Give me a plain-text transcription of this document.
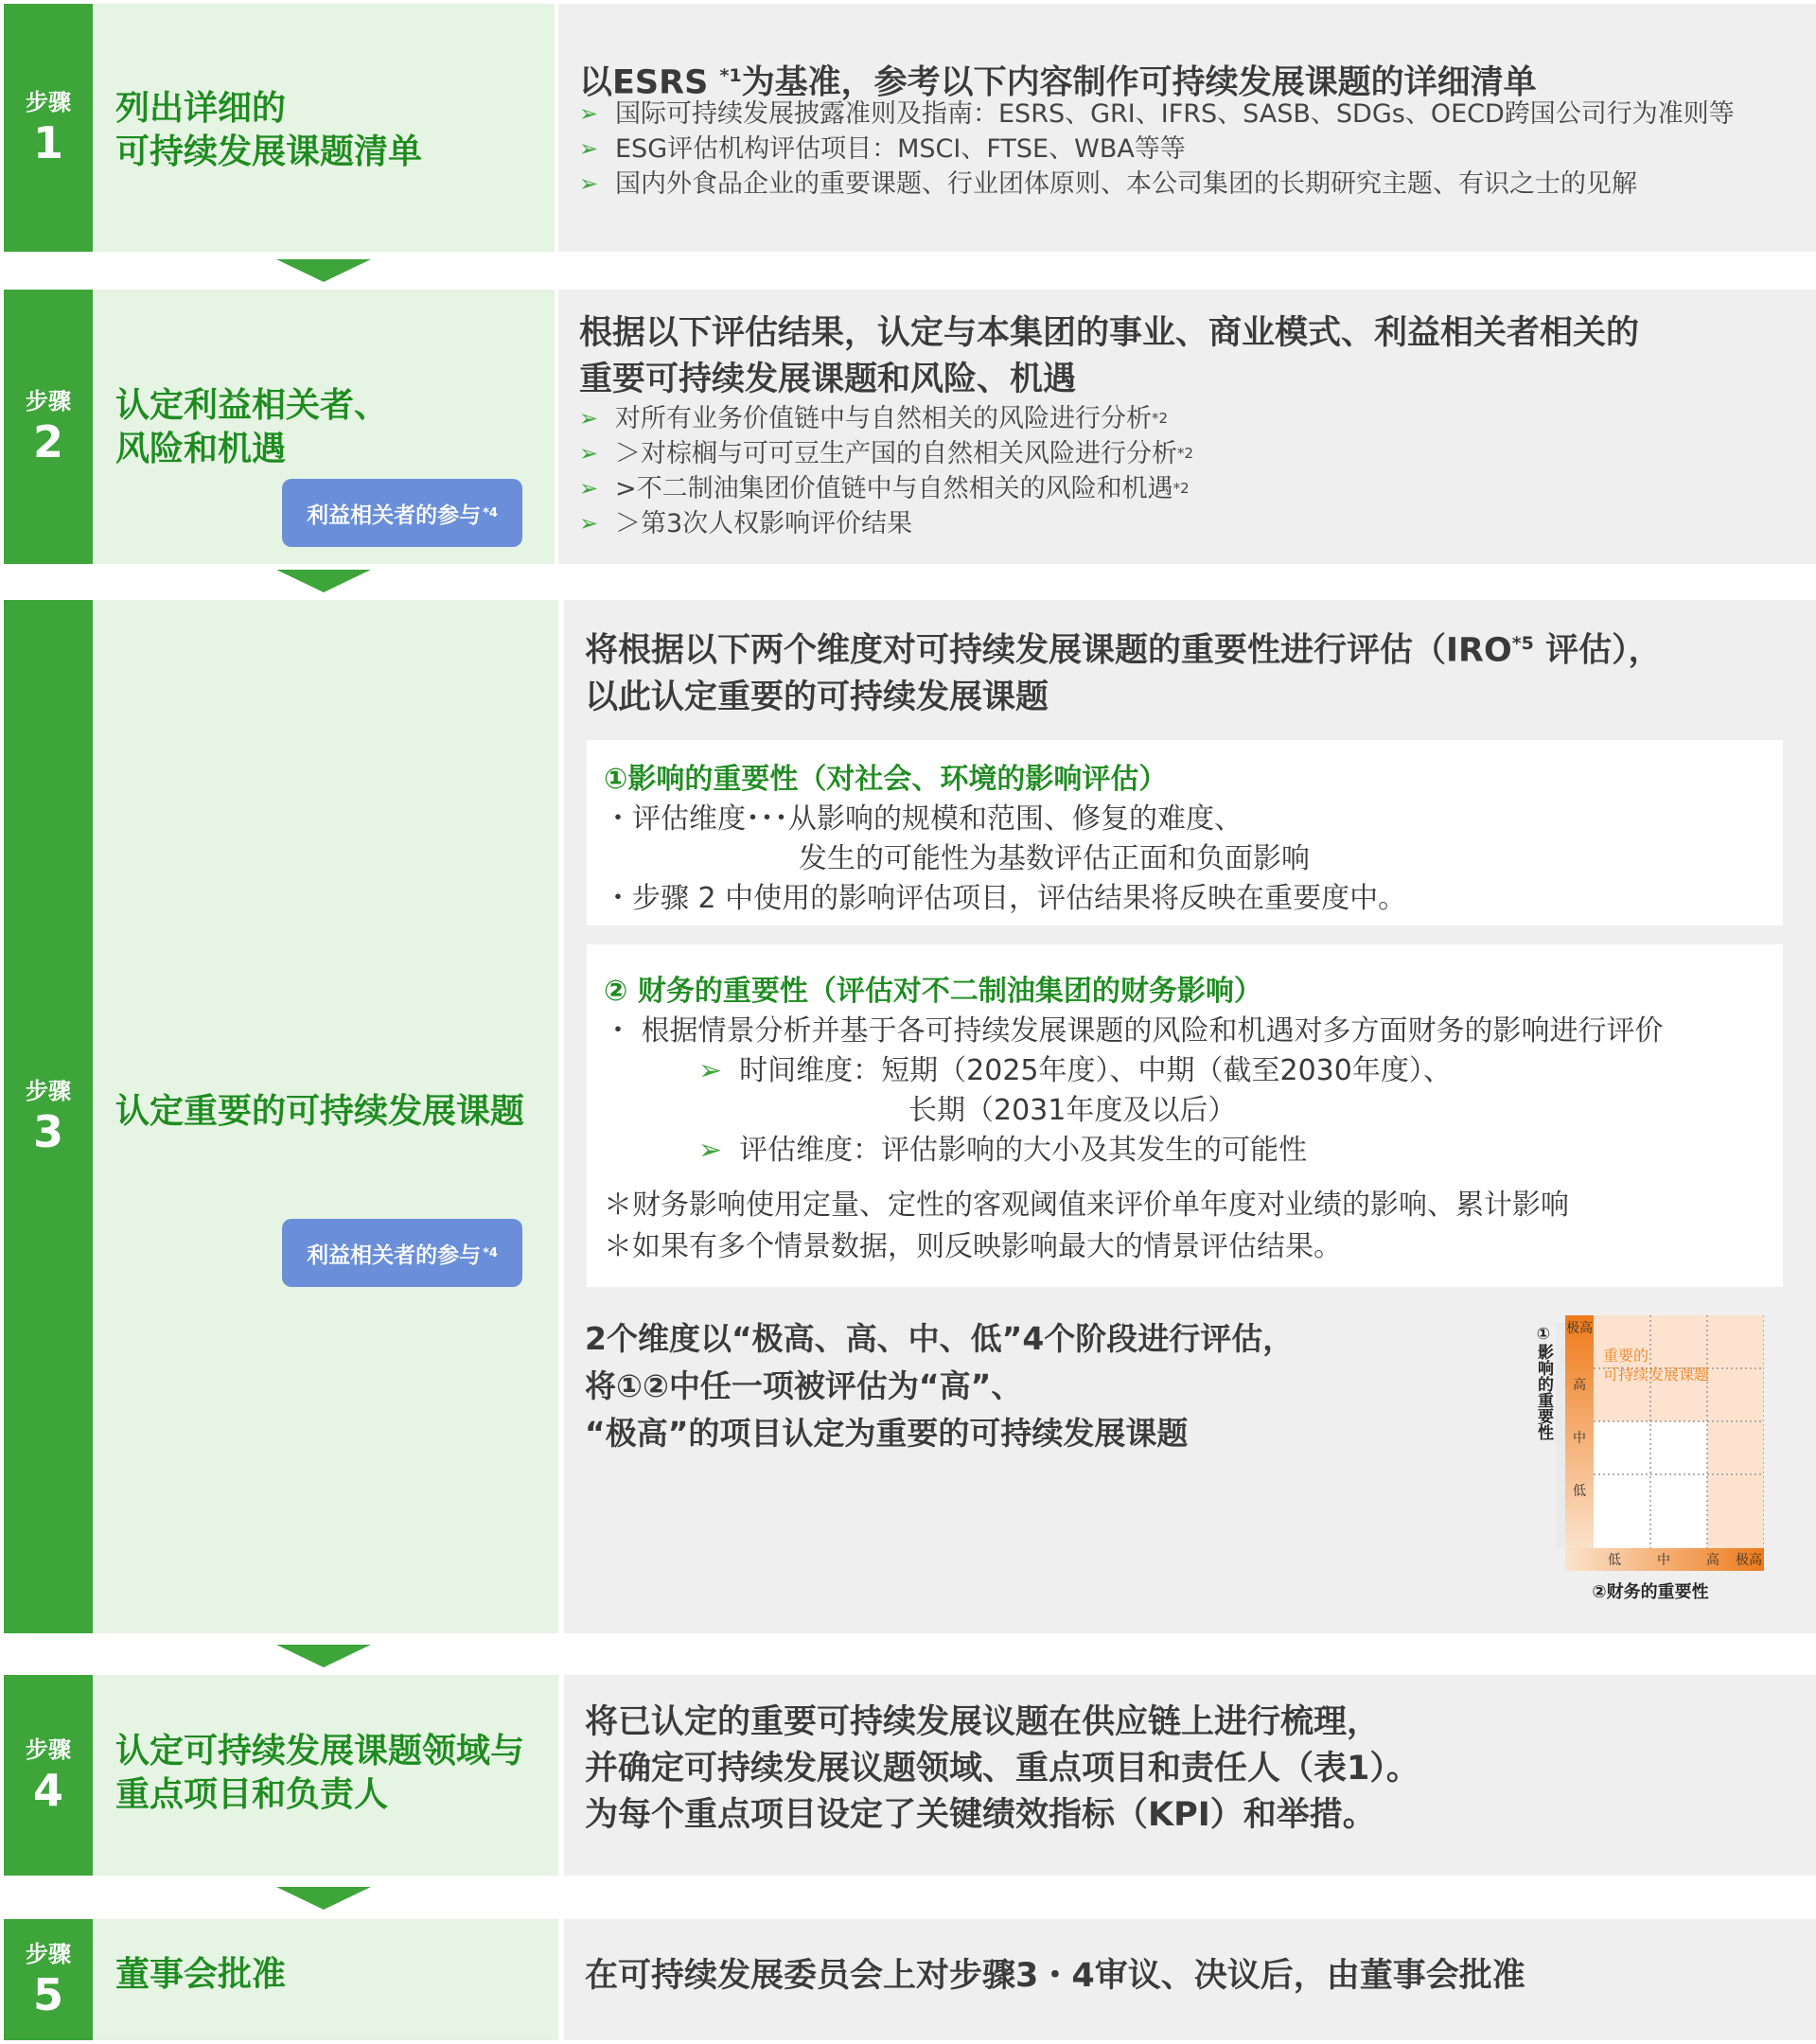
步骤
1
列出详细的
可持续发展课题清单
以ESRS $^{*1}$为基准，参考以下内容制作可持续发展课题的详细清单
➢ 国际可持续发展披露准则及指南：ESRS、GRI、IFRS、SASB、SDGs、OECD跨国公司行为准则等
➢ ESG评估机构评估项目：MSCI、FTSE、WBA等等
➢ 国内外食品企业的重要课题、行业团体原则、本公司集团的长期研究主题、有识之士的见解
步骤
2
认定利益相关者、
风险和机遇
利益相关者的参与 *4
根据以下评估结果，认定与本集团的事业、商业模式、利益相关者相关的
重要可持续发展课题和风险、机遇
➢ 对所有业务价值链中与自然相关的风险进行分析 *2
➢ ＞对棕榈与可可豆生产国的自然相关风险进行分析 *2
➢ >不二制油集团价值链中与自然相关的风险和机遇 *2
➢ ＞第3次人权影响评价结果
步骤
3 认定重要的可持续发展课题
利益相关者的参与 *4
将根据以下两个维度对可持续发展课题的重要性进行评估（IRO$^{*5}$ 评估），
以此认定重要的可持续发展课题
①影响的重要性（对社会、环境的影响评估）
・评估维度･･･从影响的规模和范围、修复的难度、
发生的可能性为基数评估正面和负面影响
・步骤 2 中使用的影响评估项目，评估结果将反映在重要度中。
② 财务的重要性（评估对不二制油集团的财务影响）
・ 根据情景分析并基于各可持续发展课题的风险和机遇对多方面财务的影响进行评价
➢ 时间维度：短期（2025年度）、中期（截至2030年度）、
长期（2031年度及以后）
➢ 评估维度：评估影响的大小及其发生的可能性
＊财务影响使用定量、定性的客观阈值来评价单年度对业绩的影响、累计影响
＊如果有多个情景数据，则反映影响最大的情景评估结果。
2个维度以“极高、高、中、低”4个阶段进行评估，
将①②中任一项被评估为“高”、
“极高”的项目认定为重要的可持续发展课题
重要的
可持续发展课题
极高
高
中
低
低	中	高 极高
①影响的重要性
②财务的重要性
步骤
4
认定可持续发展课题领域与
重点项目和负责人
将已认定的重要可持续发展议题在供应链上进行梳理，
并确定可持续发展议题领域、重点项目和责任人（表1）。
为每个重点项目设定了关键绩效指标（KPI）和举措。
步骤
5 董事会批准	在可持续发展委员会上对步骤3・4审议、决议后，由董事会批准
